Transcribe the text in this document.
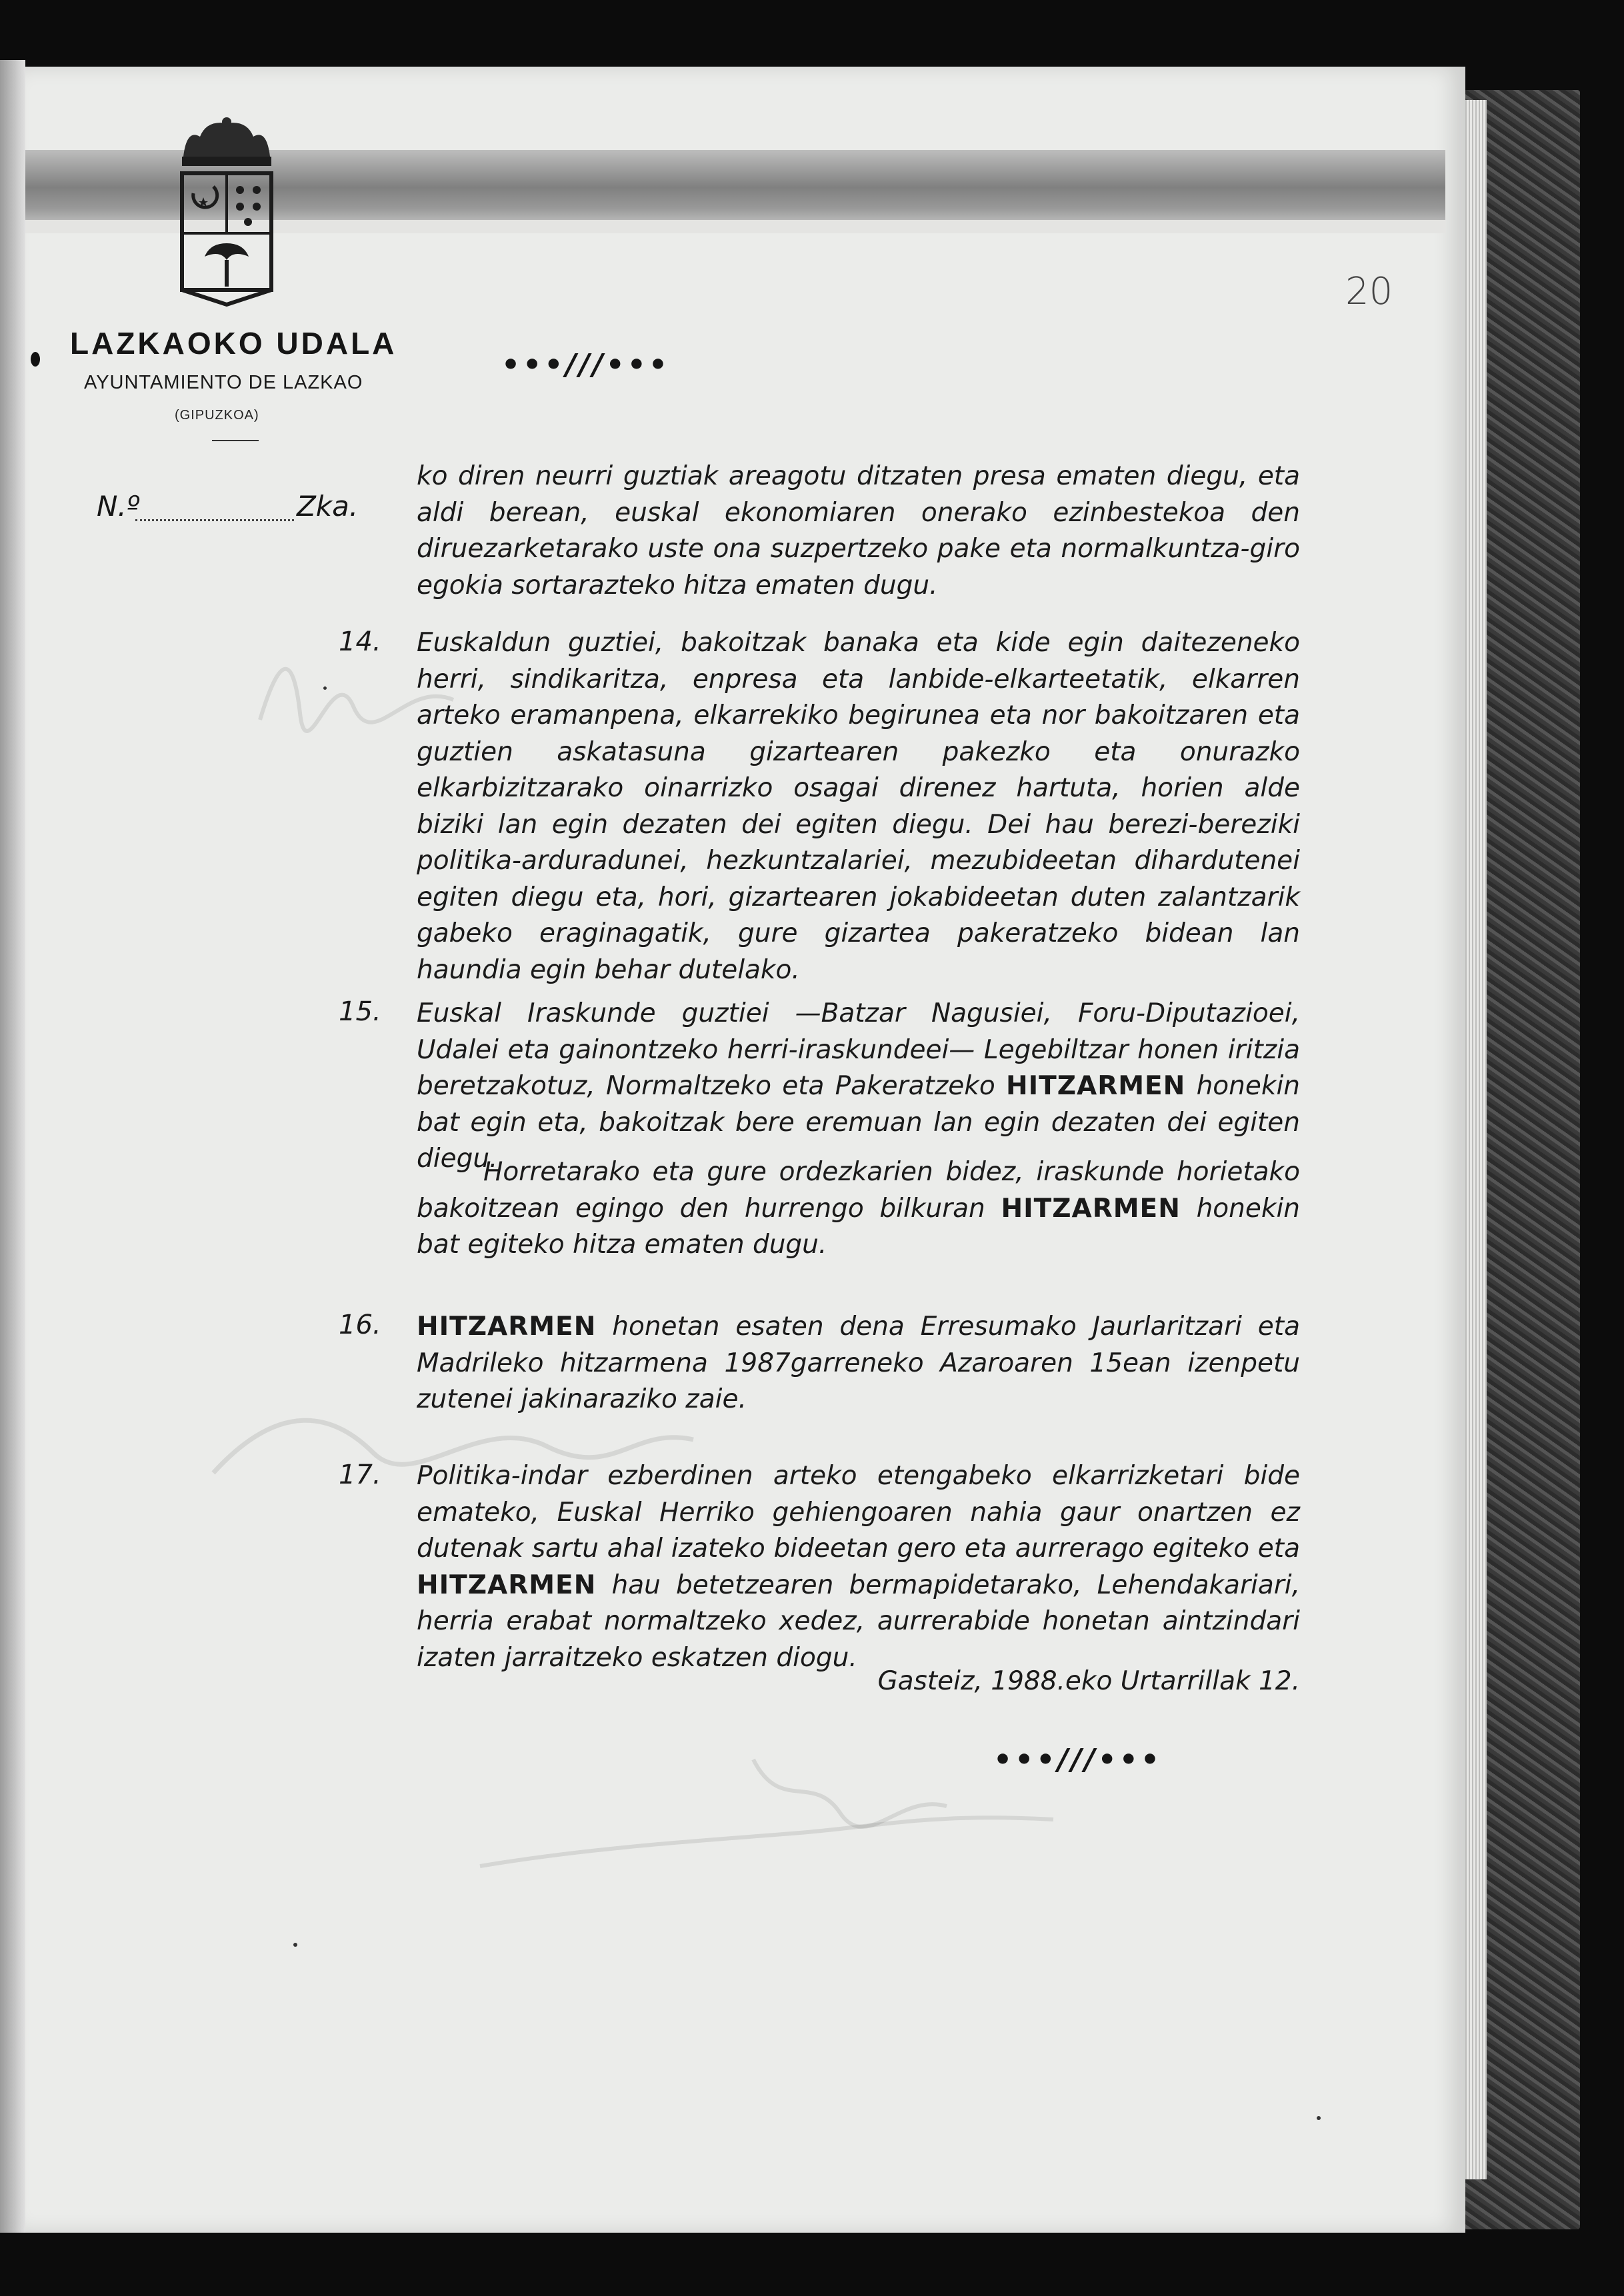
LAZKAOKO UDALA
AYUNTAMIENTO DE LAZKAO
(GIPUZKOA)
N.º	Zka.
20
•••///•••

ko diren neurri guztiak areagotu ditzaten presa ematen diegu, eta aldi berean, euskal ekonomiaren onerako ezinbestekoa den diruezarketarako uste ona suzpertzeko pake eta normalkuntza-giro egokia sortarazteko hitza ematen dugu.

14.	Euskaldun guztiei, bakoitzak banaka eta kide egin daitezeneko herri, sindikaritza, enpresa eta lanbide-elkarteetatik, elkarren arteko eramanpena, elkarrekiko begirunea eta nor bakoitzaren eta guztien askatasuna gizartearen pakezko eta onurazko elkarbizitzarako oinarrizko osagai direnez hartuta, horien alde biziki lan egin dezaten dei egiten diegu. Dei hau berezi-bereziki politika-arduradunei, hezkuntzalariei, mezubideetan dihardutenei egiten diegu eta, hori, gizartearen jokabideetan duten zalantzarik gabeko eraginagatik, gure gizartea pakeratzeko bidean lan haundia egin behar dutelako.

15.	Euskal Iraskunde guztiei —Batzar Nagusiei, Foru-Diputazioei, Udalei eta gainontzeko herri-iraskundeei— Legebiltzar honen iritzia beretzakotuz, Normaltzeko eta Pakeratzeko HITZARMEN honekin bat egin eta, bakoitzak bere eremuan lan egin dezaten dei egiten diegu.

Horretarako eta gure ordezkarien bidez, iraskunde horietako bakoitzean egingo den hurrengo bilkuran HITZARMEN honekin bat egiteko hitza ematen dugu.

16.	HITZARMEN honetan esaten dena Erresumako Jaurlaritzari eta Madrileko hitzarmena 1987garreneko Azaroaren 15ean izenpetu zutenei jakinaraziko zaie.

17.	Politika-indar ezberdinen arteko etengabeko elkarrizketari bide emateko, Euskal Herriko gehiengoaren nahia gaur onartzen ez dutenak sartu ahal izateko bideetan gero eta aurrerago egiteko eta HITZARMEN hau betetzearen bermapidetarako, Lehendakariari, herria erabat normaltzeko xedez, aurrerabide honetan aintzindari izaten jarraitzeko eskatzen diogu.

Gasteiz, 1988.eko Urtarrillak 12.
•••///•••
